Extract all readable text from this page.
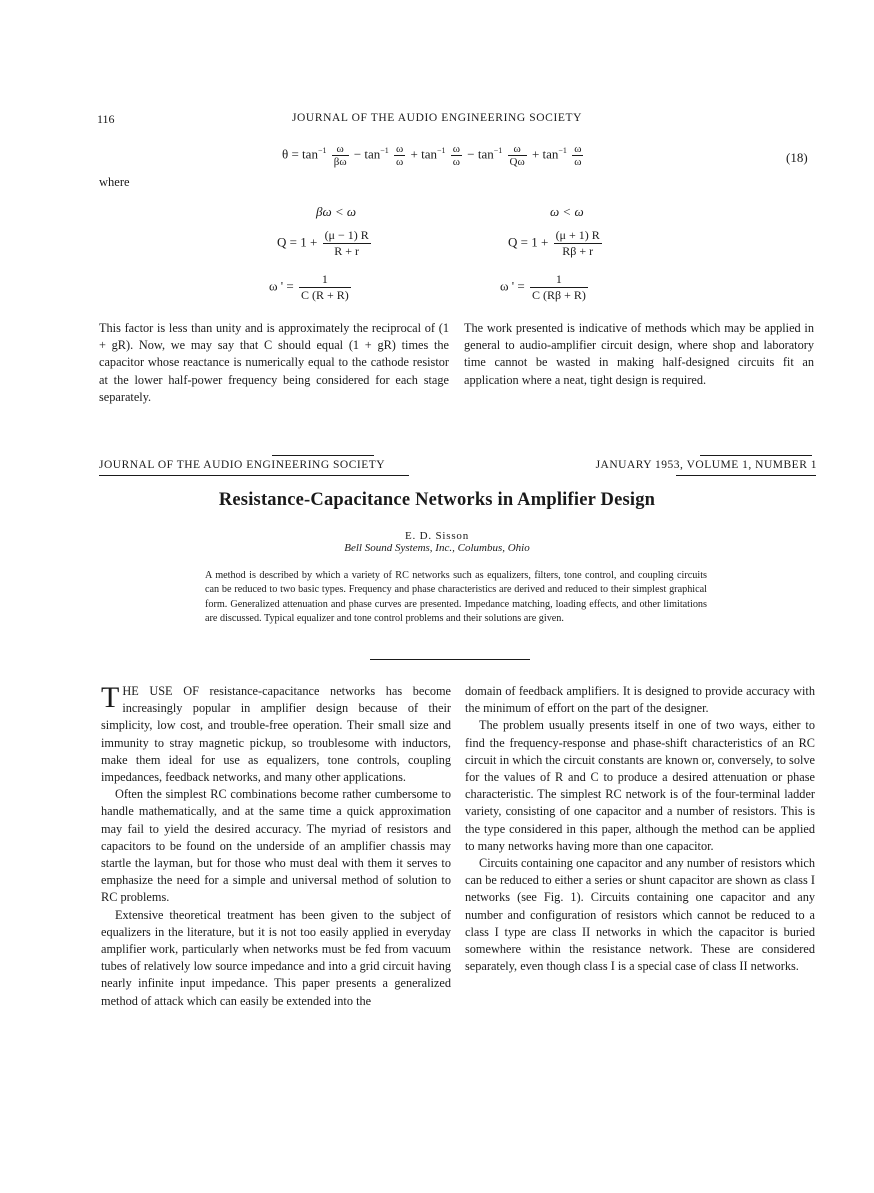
116	JOURNAL OF THE AUDIO ENGINEERING SOCIETY
$\theta = \tan^{-1} \frac{\omega}{\beta\omega} - \tan^{-1} \frac{\omega}{\omega} + \tan^{-1} \frac{\omega}{\omega} - \tan^{-1} \frac{\omega}{Q\omega} + \tan^{-1} \frac{\omega}{\omega}$	(18)
where
βω < ω
$Q = 1 + \frac{(\mu - 1) R}{R + r}$
ω ' = $\frac{1}{C (R + R)}$
ω < ω
$Q = 1 + \frac{(\mu + 1) R}{R\beta + r}$
ω ' = $\frac{1}{C (R\beta + R)}$
This factor is less than unity and is approximately the reciprocal of (1 + gR). Now, we may say that C should equal (1 + gR) times the capacitor whose reactance is numerically equal to the cathode resistor at the lower half-power frequency being considered for each stage separately.
The work presented is indicative of methods which may be applied in general to audio-amplifier circuit design, where shop and laboratory time cannot be wasted in making half-designed circuits fit an application where a neat, tight design is required.
JOURNAL OF THE AUDIO ENGINEERING SOCIETY	JANUARY 1953, VOLUME 1, NUMBER 1
Resistance-Capacitance Networks in Amplifier Design
E. D. Sisson
Bell Sound Systems, Inc., Columbus, Ohio
A method is described by which a variety of RC networks such as equalizers, filters, tone control, and coupling circuits can be reduced to two basic types. Frequency and phase characteristics are derived and reduced to their simplest graphical form. Generalized attenuation and phase curves are presented. Impedance matching, loading effects, and other limitations are discussed. Typical equalizer and tone control problems and their solutions are given.

THE USE OF resistance-capacitance networks has become increasingly popular in amplifier design because of their simplicity, low cost, and trouble-free operation. Their small size and immunity to stray magnetic pickup, so troublesome with inductors, make them ideal for use as equalizers, tone controls, coupling impedances, feedback networks, and many other applications.

Often the simplest RC combinations become rather cumbersome to handle mathematically, and at the same time a quick approximation may fail to yield the desired accuracy. The myriad of resistors and capacitors to be found on the underside of an amplifier chassis may startle the layman, but for those who must deal with them it serves to emphasize the need for a simple and universal method of solution to RC problems.

Extensive theoretical treatment has been given to the subject of equalizers in the literature, but it is not too easily applied in everyday amplifier work, particularly when networks must be fed from vacuum tubes of relatively low source impedance and into a grid circuit having nearly infinite input impedance. This paper presents a generalized method of attack which can easily be extended into the

domain of feedback amplifiers. It is designed to provide accuracy with the minimum of effort on the part of the designer.

The problem usually presents itself in one of two ways, either to find the frequency-response and phase-shift characteristics of an RC circuit in which the circuit constants are known or, conversely, to solve for the values of R and C to produce a desired attenuation or phase characteristic. The simplest RC network is of the four-terminal ladder variety, consisting of one capacitor and a number of resistors. This is the type considered in this paper, although the method can be applied to many networks having more than one capacitor.

Circuits containing one capacitor and any number of resistors which can be reduced to either a series or shunt capacitor are shown as class I networks (see Fig. 1). Circuits containing one capacitor and any number and configuration of resistors which cannot be reduced to a class I type are class II networks in which the capacitor is buried somewhere within the resistance network. These are considered separately, even though class I is a special case of class II networks.
